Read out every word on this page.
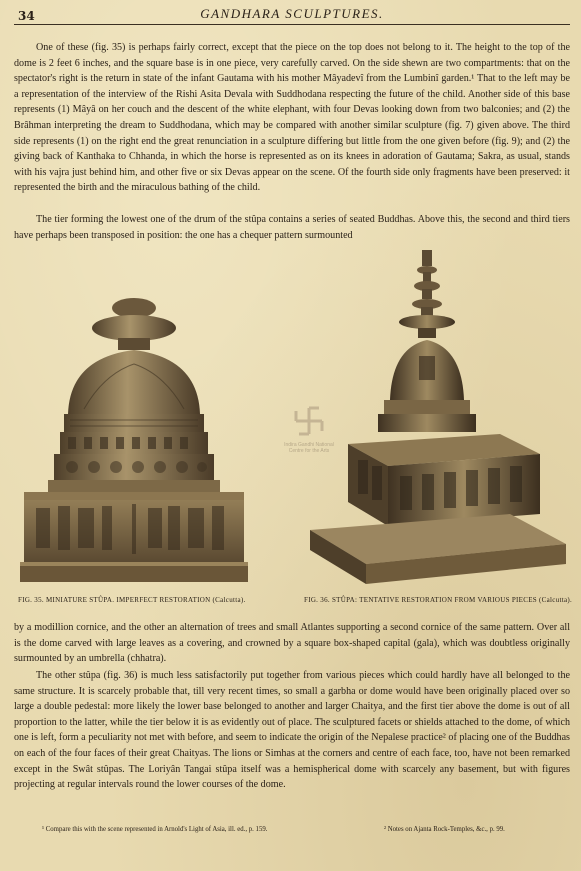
34	GANDHARA SCULPTURES.

One of these (fig. 35) is perhaps fairly correct, except that the piece on the top does not belong to it. The height to the top of the dome is 2 feet 6 inches, and the square base is in one piece, very carefully carved. On the side shewn are two compartments: that on the spectator's right is the return in state of the infant Gautama with his mother Mâyadevî from the Lumbinî garden.¹ That to the left may be a representation of the interview of the Rishi Asita Devala with Suddhodana respecting the future of the child. Another side of this base represents (1) Mâyâ on her couch and the descent of the white elephant, with four Devas looking down from two balconies; and (2) the Brâhman interpreting the dream to Suddhodana, which may be compared with another similar sculpture (fig. 7) given above. The third side represents (1) on the right end the great renunciation in a sculpture differing but little from the one given before (fig. 9); and (2) the giving back of Kanthaka to Chhanda, in which the horse is represented as on its knees in adoration of Gautama; Sakra, as usual, stands with his vajra just behind him, and other five or six Devas appear on the scene. Of the fourth side only fragments have been preserved: it represented the birth and the miraculous bathing of the child.

The tier forming the lowest one of the drum of the stûpa contains a series of seated Buddhas. Above this, the second and third tiers have perhaps been transposed in position: the one has a chequer pattern surmounted

Indira Gandhi National
Centre for the Arts
FIG. 35. MINIATURE STÛPA. IMPERFECT RESTORATION (Calcutta).	FIG. 36. STÛPA: TENTATIVE RESTORATION FROM VARIOUS PIECES (Calcutta).

by a modillion cornice, and the other an alternation of trees and small Atlantes supporting a second cornice of the same pattern. Over all is the dome carved with large leaves as a covering, and crowned by a square box-shaped capital (gala), which was doubtless originally surmounted by an umbrella (chhatra).

The other stûpa (fig. 36) is much less satisfactorily put together from various pieces which could hardly have all belonged to the same structure. It is scarcely probable that, till very recent times, so small a garbha or dome would have been originally placed over so large a double pedestal: more likely the lower base belonged to another and larger Chaitya, and the first tier above the dome is out of all proportion to the latter, while the tier below it is as evidently out of place. The sculptured facets or shields attached to the dome, of which one is left, form a peculiarity not met with before, and seem to indicate the origin of the Nepalese practice² of placing one of the Buddhas on each of the four faces of their great Chaityas. The lions or Simhas at the corners and centre of each face, too, have not been remarked except in the Swât stûpas. The Loriyân Tangai stûpa itself was a hemispherical dome with scarcely any basement, but with figures projecting at regular intervals round the lower courses of the dome.

¹ Compare this with the scene represented in Arnold's Light of Asia, ill. ed., p. 159.	² Notes on Ajanta Rock-Temples, &c., p. 99.
